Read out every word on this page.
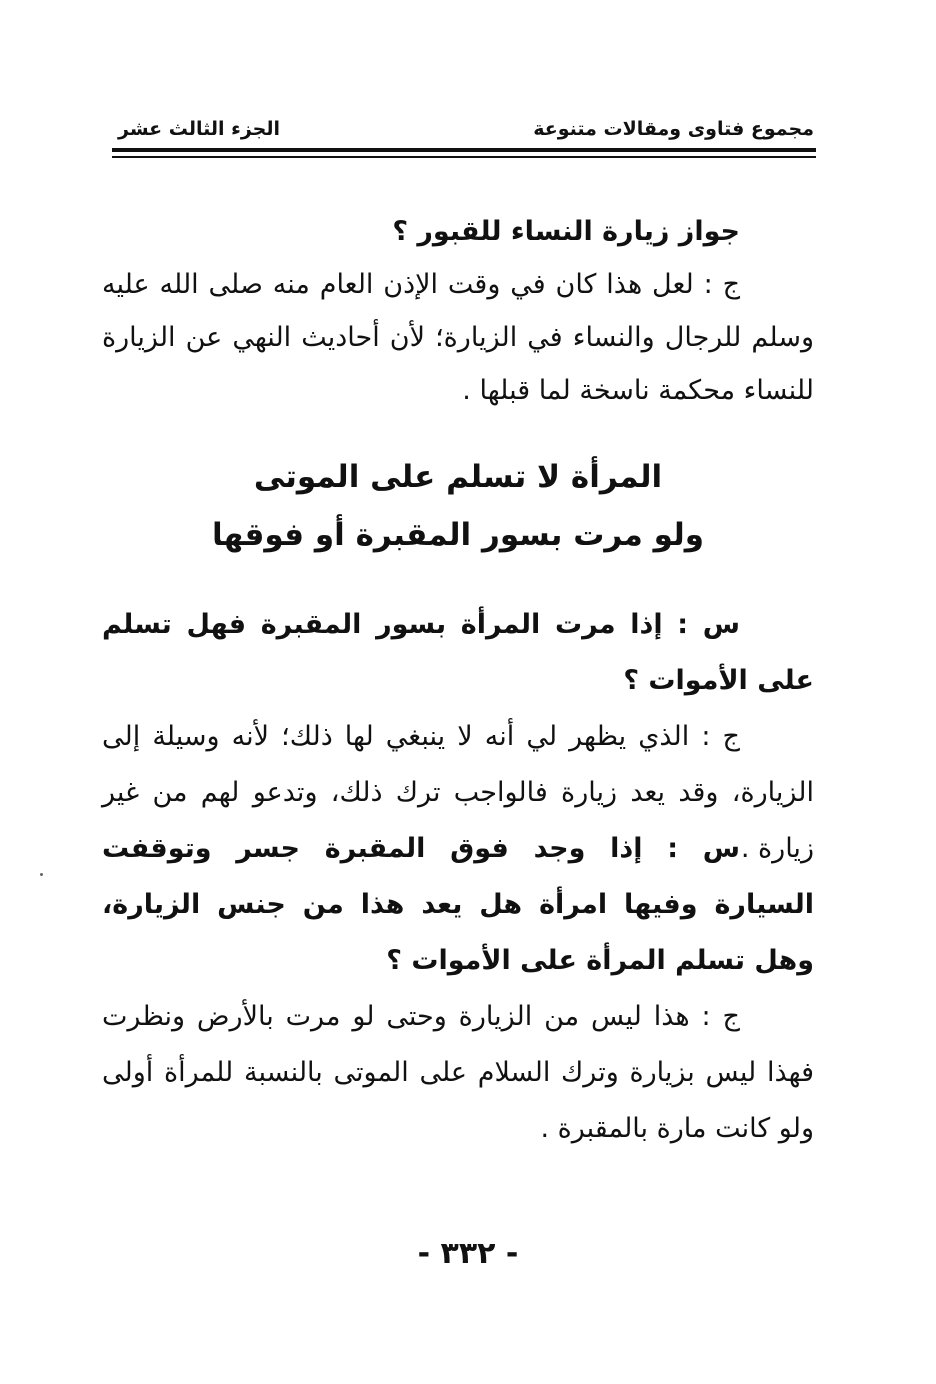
مجموع فتاوى ومقالات متنوعة
الجزء الثالث عشر

جواز زيارة النساء للقبور ؟

ج : لعل هذا كان في وقت الإذن العام منه صلى الله عليه وسلم للرجال والنساء في الزيارة؛ لأن أحاديث النهي عن الزيارة للنساء محكمة ناسخة لما قبلها .

المرأة لا تسلم على الموتى
ولو مرت بسور المقبرة أو فوقها

س : إذا مرت المرأة بسور المقبرة فهل تسلم على الأموات ؟

ج : الذي يظهر لي أنه لا ينبغي لها ذلك؛ لأنه وسيلة إلى الزيارة، وقد يعد زيارة فالواجب ترك ذلك، وتدعو لهم من غير زيارة .

س : إذا وجد فوق المقبرة جسر وتوقفت السيارة وفيها امرأة هل يعد هذا من جنس الزيارة، وهل تسلم المرأة على الأموات ؟

ج : هذا ليس من الزيارة وحتى لو مرت بالأرض ونظرت فهذا ليس بزيارة وترك السلام على الموتى بالنسبة للمرأة أولى ولو كانت مارة بالمقبرة .

- ٣٣٢ -
